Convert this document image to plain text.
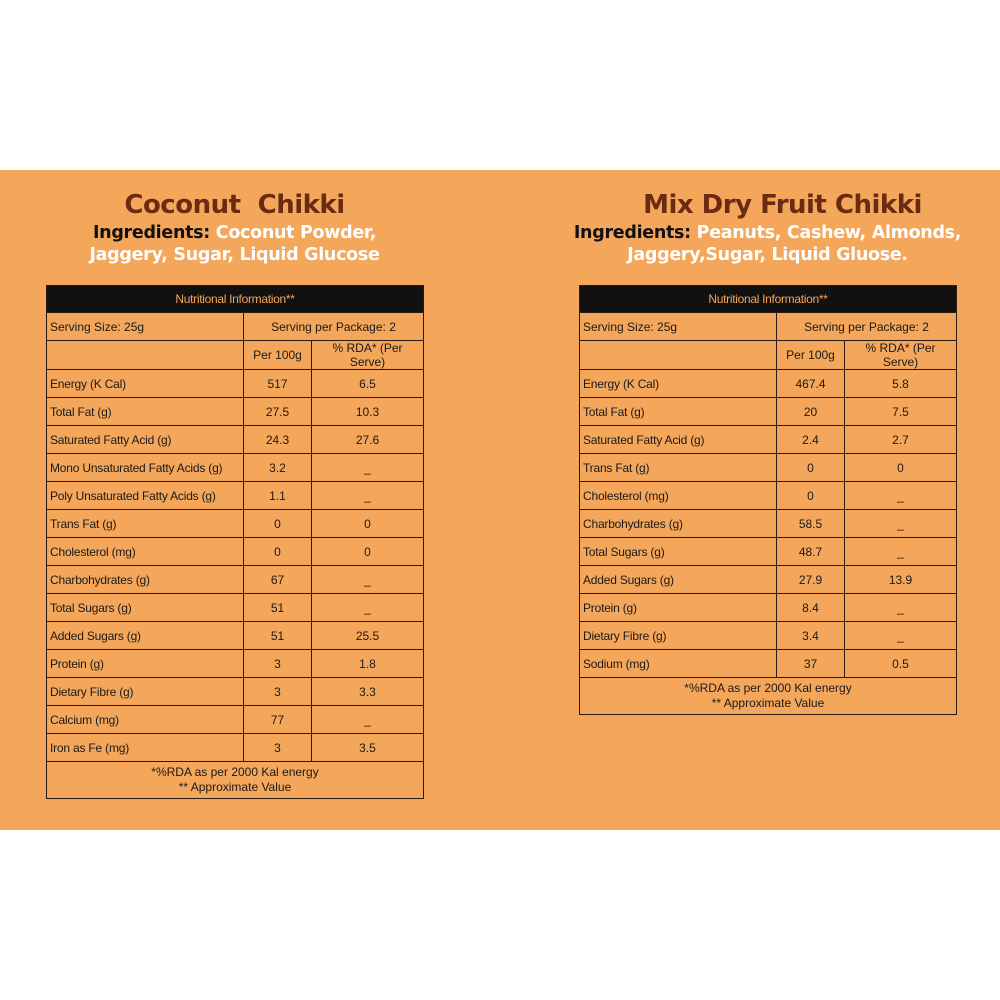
Coconut  Chikki
Ingredients: Coconut Powder,
Jaggery, Sugar, Liquid Glucose
Nutritional Information**		
Serving Size: 25g	Serving per Package: 2	
	Per 100g	% RDA* (Per Serve)
Energy (K Cal)	517	6.5
Total Fat (g)	27.5	10.3
Saturated Fatty Acid (g)	24.3	27.6
Mono Unsaturated Fatty Acids (g)	3.2	_
Poly Unsaturated Fatty Acids (g)	1.1	_
Trans Fat (g)	0	0
Cholesterol (mg)	0	0
Charbohydrates (g)	67	_
Total Sugars (g)	51	_
Added Sugars (g)	51	25.5
Protein (g)	3	1.8
Dietary Fibre (g)	3	3.3
Calcium (mg)	77	_
Iron as Fe (mg)	3	3.5
*%RDA as per 2000 Kal energy
** Approximate Value		
Mix Dry Fruit Chikki
Ingredients: Peanuts, Cashew, Almonds,
Jaggery,Sugar, Liquid Gluose.
Nutritional Information**		
Serving Size: 25g	Serving per Package: 2	
	Per 100g	% RDA* (Per Serve)
Energy (K Cal)	467.4	5.8
Total Fat (g)	20	7.5
Saturated Fatty Acid (g)	2.4	2.7
Trans Fat (g)	0	0
Cholesterol (mg)	0	_
Charbohydrates (g)	58.5	_
Total Sugars (g)	48.7	_
Added Sugars (g)	27.9	13.9
Protein (g)	8.4	_
Dietary Fibre (g)	3.4	_
Sodium (mg)	37	0.5
*%RDA as per 2000 Kal energy
** Approximate Value		
